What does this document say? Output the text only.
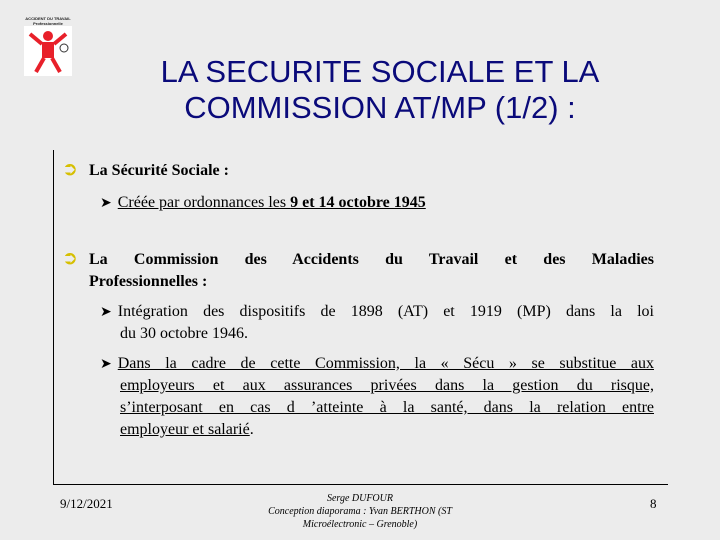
ACCIDENT DU TRAVAIL
Professionnelle
LA SECURITE SOCIALE ET LA
COMMISSION AT/MP (1/2) :
➲ La Sécurité Sociale :
➤ Créée par ordonnances les 9 et 14 octobre 1945
➲ La Commission des Accidents du Travail et des Maladies
Professionnelles :
➤ Intégration des dispositifs de 1898 (AT) et 1919 (MP) dans la loi
du 30 octobre 1946.
➤ Dans la cadre de cette Commission, la « Sécu » se substitue aux
employeurs et aux assurances privées dans la gestion du risque,
s’interposant en cas d ’atteinte à la santé, dans la relation entre
employeur et salarié.
9/12/2021	Serge DUFOUR
Conception diaporama : Yvan BERTHON (ST
Microélectronic – Grenoble)
8
